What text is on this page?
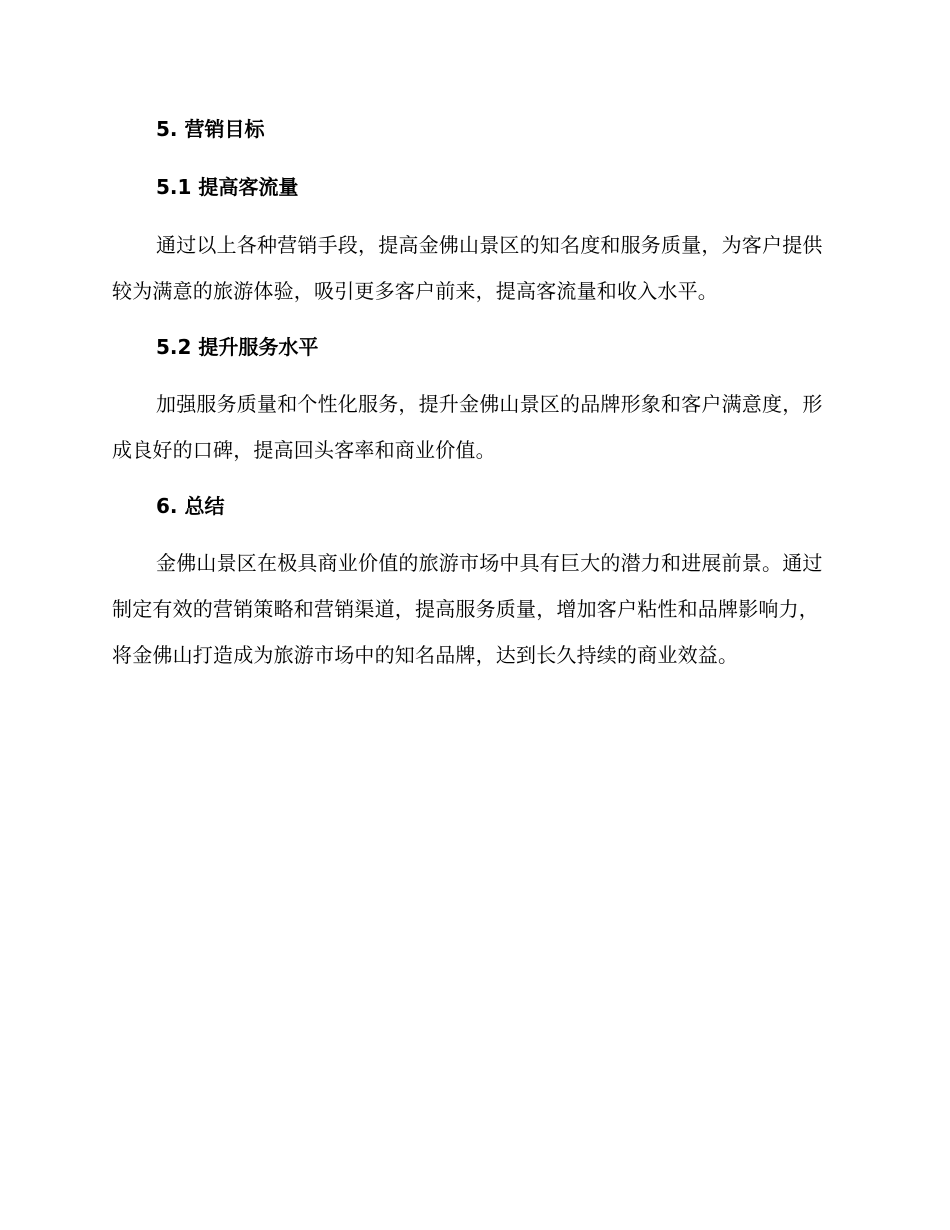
5. 营销目标
5.1 提高客流量

通过以上各种营销手段，提高金佛山景区的知名度和服务质量，为客户提供较为满意的旅游体验，吸引更多客户前来，提高客流量和收入水平。

5.2 提升服务水平

加强服务质量和个性化服务，提升金佛山景区的品牌形象和客户满意度，形成良好的口碑，提高回头客率和商业价值。

6. 总结

金佛山景区在极具商业价值的旅游市场中具有巨大的潜力和进展前景。通过制定有效的营销策略和营销渠道，提高服务质量，增加客户粘性和品牌影响力，将金佛山打造成为旅游市场中的知名品牌，达到长久持续的商业效益。
